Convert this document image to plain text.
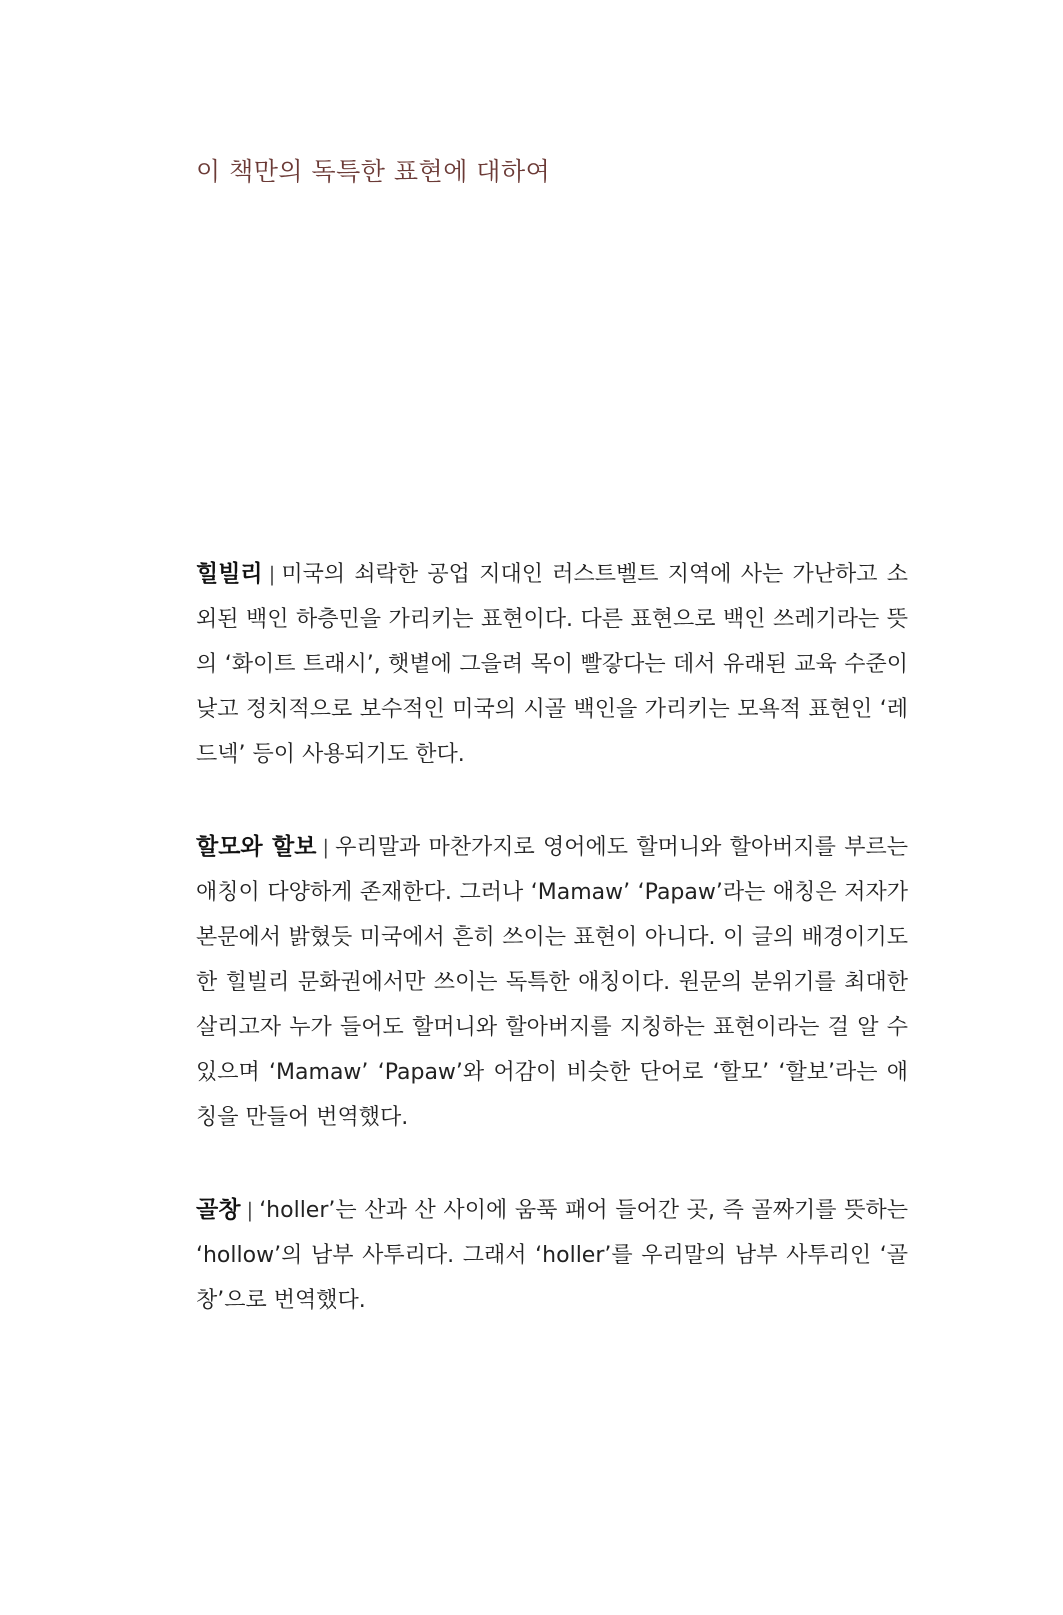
이 책만의 독특한 표현에 대하여

힐빌리 | 미국의 쇠락한 공업 지대인 러스트벨트 지역에 사는 가난하고 소외된 백인 하층민을 가리키는 표현이다. 다른 표현으로 백인 쓰레기라는 뜻의 ‘화이트 트래시’, 햇볕에 그을려 목이 빨갛다는 데서 유래된 교육 수준이 낮고 정치적으로 보수적인 미국의 시골 백인을 가리키는 모욕적 표현인 ‘레드넥’ 등이 사용되기도 한다.

할모와 할보 | 우리말과 마찬가지로 영어에도 할머니와 할아버지를 부르는 애칭이 다양하게 존재한다. 그러나 ‘Mamaw’ ‘Papaw’라는 애칭은 저자가 본문에서 밝혔듯 미국에서 흔히 쓰이는 표현이 아니다. 이 글의 배경이기도 한 힐빌리 문화권에서만 쓰이는 독특한 애칭이다. 원문의 분위기를 최대한 살리고자 누가 들어도 할머니와 할아버지를 지칭하는 표현이라는 걸 알 수 있으며 ‘Mamaw’ ‘Papaw’와 어감이 비슷한 단어로 ‘할모’ ‘할보’라는 애칭을 만들어 번역했다.

골창 | ‘holler’는 산과 산 사이에 움푹 패어 들어간 곳, 즉 골짜기를 뜻하는 ‘hollow’의 남부 사투리다. 그래서 ‘holler’를 우리말의 남부 사투리인 ‘골창’으로 번역했다.
